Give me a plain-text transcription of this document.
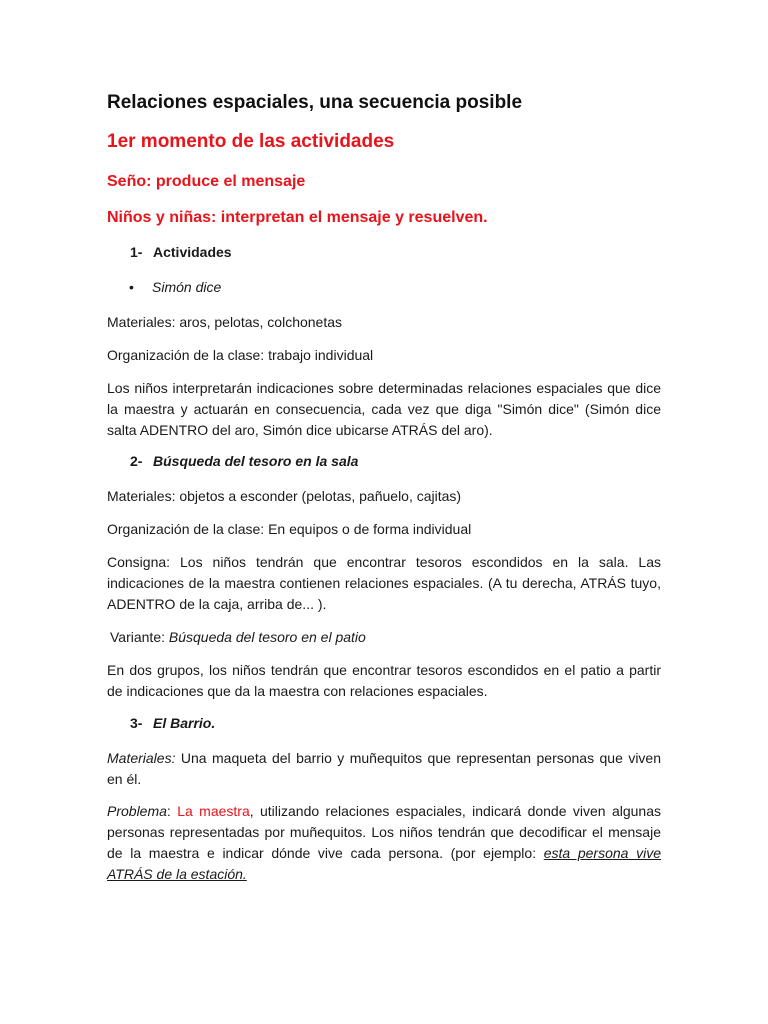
Relaciones espaciales, una secuencia posible
1er momento de las actividades
Seño: produce el mensaje
Niños y niñas: interpretan el mensaje y resuelven.
1- Actividades
• Simón dice

Materiales: aros, pelotas, colchonetas

Organización de la clase: trabajo individual

Los niños interpretarán indicaciones sobre determinadas relaciones espaciales que dice la maestra y actuarán en consecuencia, cada vez que diga "Simón dice" (Simón dice salta ADENTRO del aro, Simón dice ubicarse ATRÁS del aro).

2- Búsqueda del tesoro en la sala

Materiales: objetos a esconder (pelotas, pañuelo, cajitas)

Organización de la clase: En equipos o de forma individual

Consigna: Los niños tendrán que encontrar tesoros escondidos en la sala. Las indicaciones de la maestra contienen relaciones espaciales. (A tu derecha, ATRÁS tuyo, ADENTRO de la caja, arriba de... ).

Variante: Búsqueda del tesoro en el patio

En dos grupos, los niños tendrán que encontrar tesoros escondidos en el patio a partir de indicaciones que da la maestra con relaciones espaciales.

3- El Barrio.

Materiales: Una maqueta del barrio y muñequitos que representan personas que viven en él.

Problema: La maestra, utilizando relaciones espaciales, indicará donde viven algunas personas representadas por muñequitos. Los niños tendrán que decodificar el mensaje de la maestra e indicar dónde vive cada persona. (por ejemplo: esta persona vive ATRÁS de la estación.
